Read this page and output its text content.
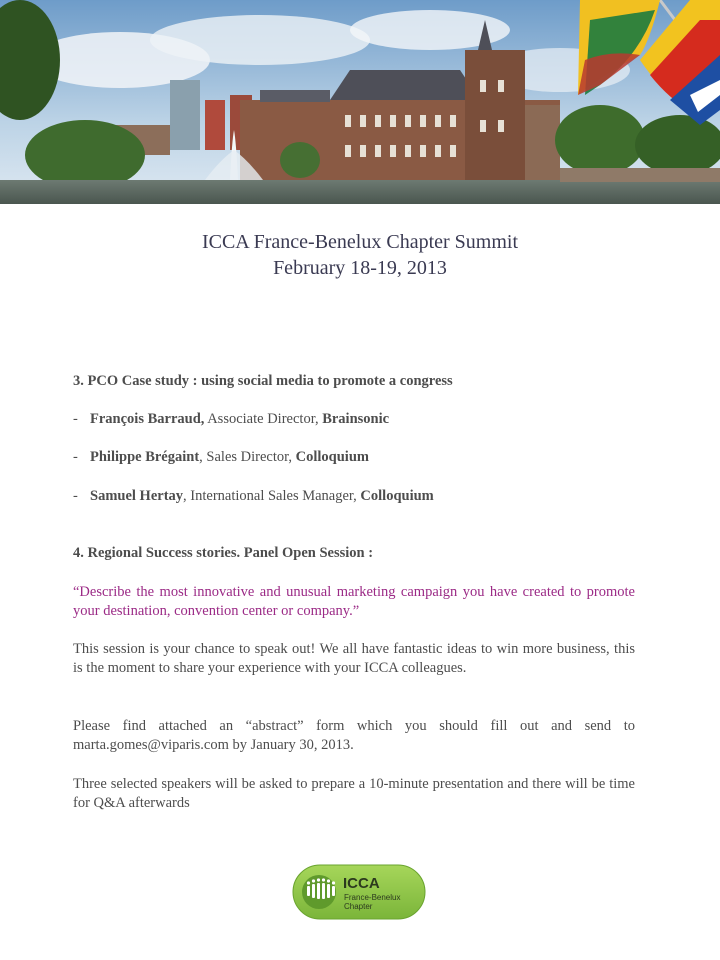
ICCA France-Benelux Chapter Summit
February 18-19, 2013
3. PCO Case study : using social media to promote a congress
- François Barraud, Associate Director, Brainsonic
- Philippe Brégaint, Sales Director, Colloquium
- Samuel Hertay, International Sales Manager, Colloquium
4. Regional Success stories. Panel Open Session :
“Describe the most innovative and unusual marketing campaign you have created to promote your destination, convention center or company.”
This session is your chance to speak out! We all have fantastic ideas to win more business, this is the moment to share your experience with your ICCA colleagues.
Please find attached an “abstract” form which you should fill out and send to marta.gomes@viparis.com by January 30, 2013.
Three selected speakers will be asked to prepare a 10-minute presentation and there will be time for Q&A afterwards
ICCA
France-Benelux
Chapter
